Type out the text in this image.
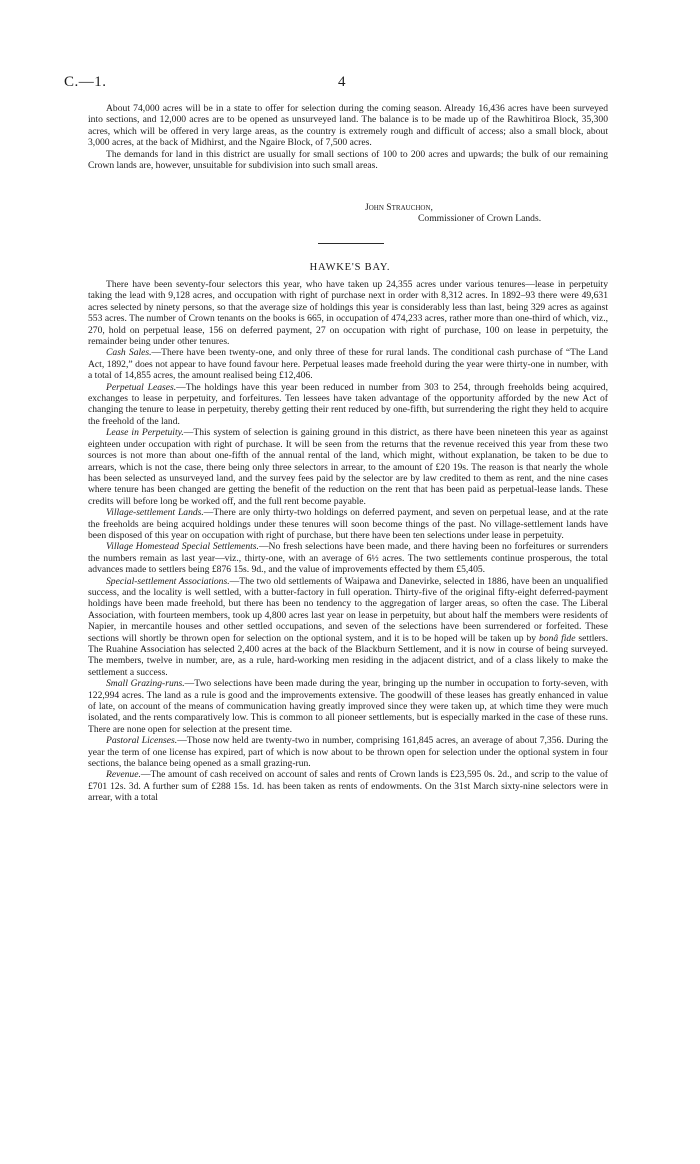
C.—1.	4

About 74,000 acres will be in a state to offer for selection during the coming season. Already 16,436 acres have been surveyed into sections, and 12,000 acres are to be opened as unsurveyed land. The balance is to be made up of the Rawhitiroa Block, 35,300 acres, which will be offered in very large areas, as the country is extremely rough and difficult of access; also a small block, about 3,000 acres, at the back of Midhirst, and the Ngaire Block, of 7,500 acres.

The demands for land in this district are usually for small sections of 100 to 200 acres and upwards; the bulk of our remaining Crown lands are, however, unsuitable for subdivision into such small areas.

John Strauchon,
Commissioner of Crown Lands.
HAWKE'S BAY.

There have been seventy-four selectors this year, who have taken up 24,355 acres under various tenures—lease in perpetuity taking the lead with 9,128 acres, and occupation with right of purchase next in order with 8,312 acres. In 1892–93 there were 49,631 acres selected by ninety persons, so that the average size of holdings this year is considerably less than last, being 329 acres as against 553 acres. The number of Crown tenants on the books is 665, in occupation of 474,233 acres, rather more than one-third of which, viz., 270, hold on perpetual lease, 156 on deferred payment, 27 on occupation with right of purchase, 100 on lease in perpetuity, the remainder being under other tenures.

Cash Sales.—There have been twenty-one, and only three of these for rural lands. The conditional cash purchase of “The Land Act, 1892,” does not appear to have found favour here. Perpetual leases made freehold during the year were thirty-one in number, with a total of 14,855 acres, the amount realised being £12,406.

Perpetual Leases.—The holdings have this year been reduced in number from 303 to 254, through freeholds being acquired, exchanges to lease in perpetuity, and forfeitures. Ten lessees have taken advantage of the opportunity afforded by the new Act of changing the tenure to lease in perpetuity, thereby getting their rent reduced by one-fifth, but surrendering the right they held to acquire the freehold of the land.

Lease in Perpetuity.—This system of selection is gaining ground in this district, as there have been nineteen this year as against eighteen under occupation with right of purchase. It will be seen from the returns that the revenue received this year from these two sources is not more than about one-fifth of the annual rental of the land, which might, without explanation, be taken to be due to arrears, which is not the case, there being only three selectors in arrear, to the amount of £20 19s. The reason is that nearly the whole has been selected as unsurveyed land, and the survey fees paid by the selector are by law credited to them as rent, and the nine cases where tenure has been changed are getting the benefit of the reduction on the rent that has been paid as perpetual-lease lands. These credits will before long be worked off, and the full rent become payable.

Village-settlement Lands.—There are only thirty-two holdings on deferred payment, and seven on perpetual lease, and at the rate the freeholds are being acquired holdings under these tenures will soon become things of the past. No village-settlement lands have been disposed of this year on occupation with right of purchase, but there have been ten selections under lease in perpetuity.

Village Homestead Special Settlements.—No fresh selections have been made, and there having been no forfeitures or surrenders the numbers remain as last year—viz., thirty-one, with an average of 6½ acres. The two settlements continue prosperous, the total advances made to settlers being £876 15s. 9d., and the value of improvements effected by them £5,405.

Special-settlement Associations.—The two old settlements of Waipawa and Danevirke, selected in 1886, have been an unqualified success, and the locality is well settled, with a butter-factory in full operation. Thirty-five of the original fifty-eight deferred-payment holdings have been made freehold, but there has been no tendency to the aggregation of larger areas, so often the case. The Liberal Association, with fourteen members, took up 4,800 acres last year on lease in perpetuity, but about half the members were residents of Napier, in mercantile houses and other settled occupations, and seven of the selections have been surrendered or forfeited. These sections will shortly be thrown open for selection on the optional system, and it is to be hoped will be taken up by bonâ fide settlers. The Ruahine Association has selected 2,400 acres at the back of the Blackburn Settlement, and it is now in course of being surveyed. The members, twelve in number, are, as a rule, hard-working men residing in the adjacent district, and of a class likely to make the settlement a success.

Small Grazing-runs.—Two selections have been made during the year, bringing up the number in occupation to forty-seven, with 122,994 acres. The land as a rule is good and the improvements extensive. The goodwill of these leases has greatly enhanced in value of late, on account of the means of communication having greatly improved since they were taken up, at which time they were much isolated, and the rents comparatively low. This is common to all pioneer settlements, but is especially marked in the case of these runs. There are none open for selection at the present time.

Pastoral Licenses.—Those now held are twenty-two in number, comprising 161,845 acres, an average of about 7,356. During the year the term of one license has expired, part of which is now about to be thrown open for selection under the optional system in four sections, the balance being opened as a small grazing-run.

Revenue.—The amount of cash received on account of sales and rents of Crown lands is £23,595 0s. 2d., and scrip to the value of £701 12s. 3d. A further sum of £288 15s. 1d. has been taken as rents of endowments. On the 31st March sixty-nine selectors were in arrear, with a total
